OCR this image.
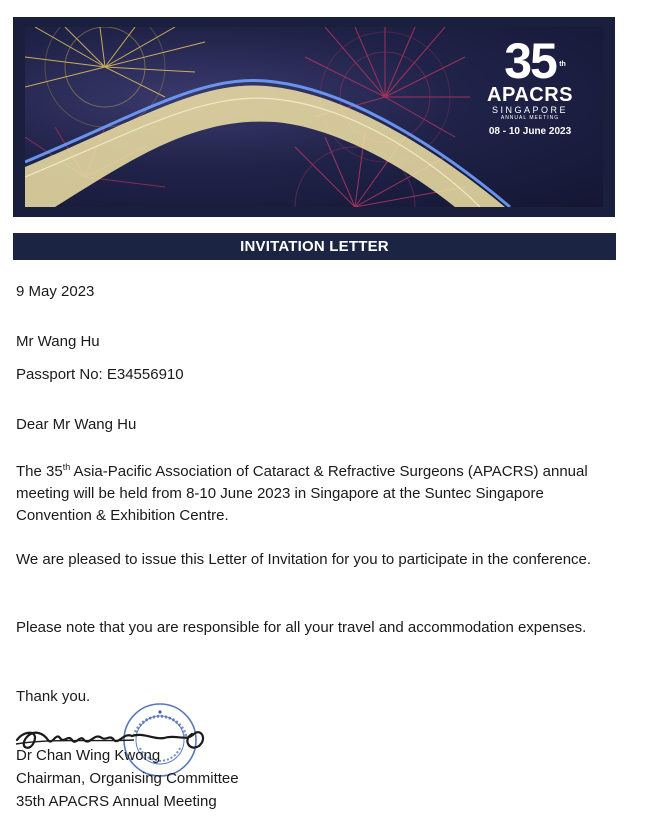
35 th
APACRS
SINGAPORE
ANNUAL MEETING
08 - 10 June 2023
INVITATION LETTER
9 May 2023
Mr Wang Hu
Passport No: E34556910
Dear Mr Wang Hu
The 35th Asia-Pacific Association of Cataract & Refractive Surgeons (APACRS) annual meeting will be held from 8-10 June 2023 in Singapore at the Suntec Singapore Convention & Exhibition Centre.
We are pleased to issue this Letter of Invitation for you to participate in the conference.
Please note that you are responsible for all your travel and accommodation expenses.
Thank you.
Dr Chan Wing Kwong
Chairman, Organising Committee
35th APACRS Annual Meeting
